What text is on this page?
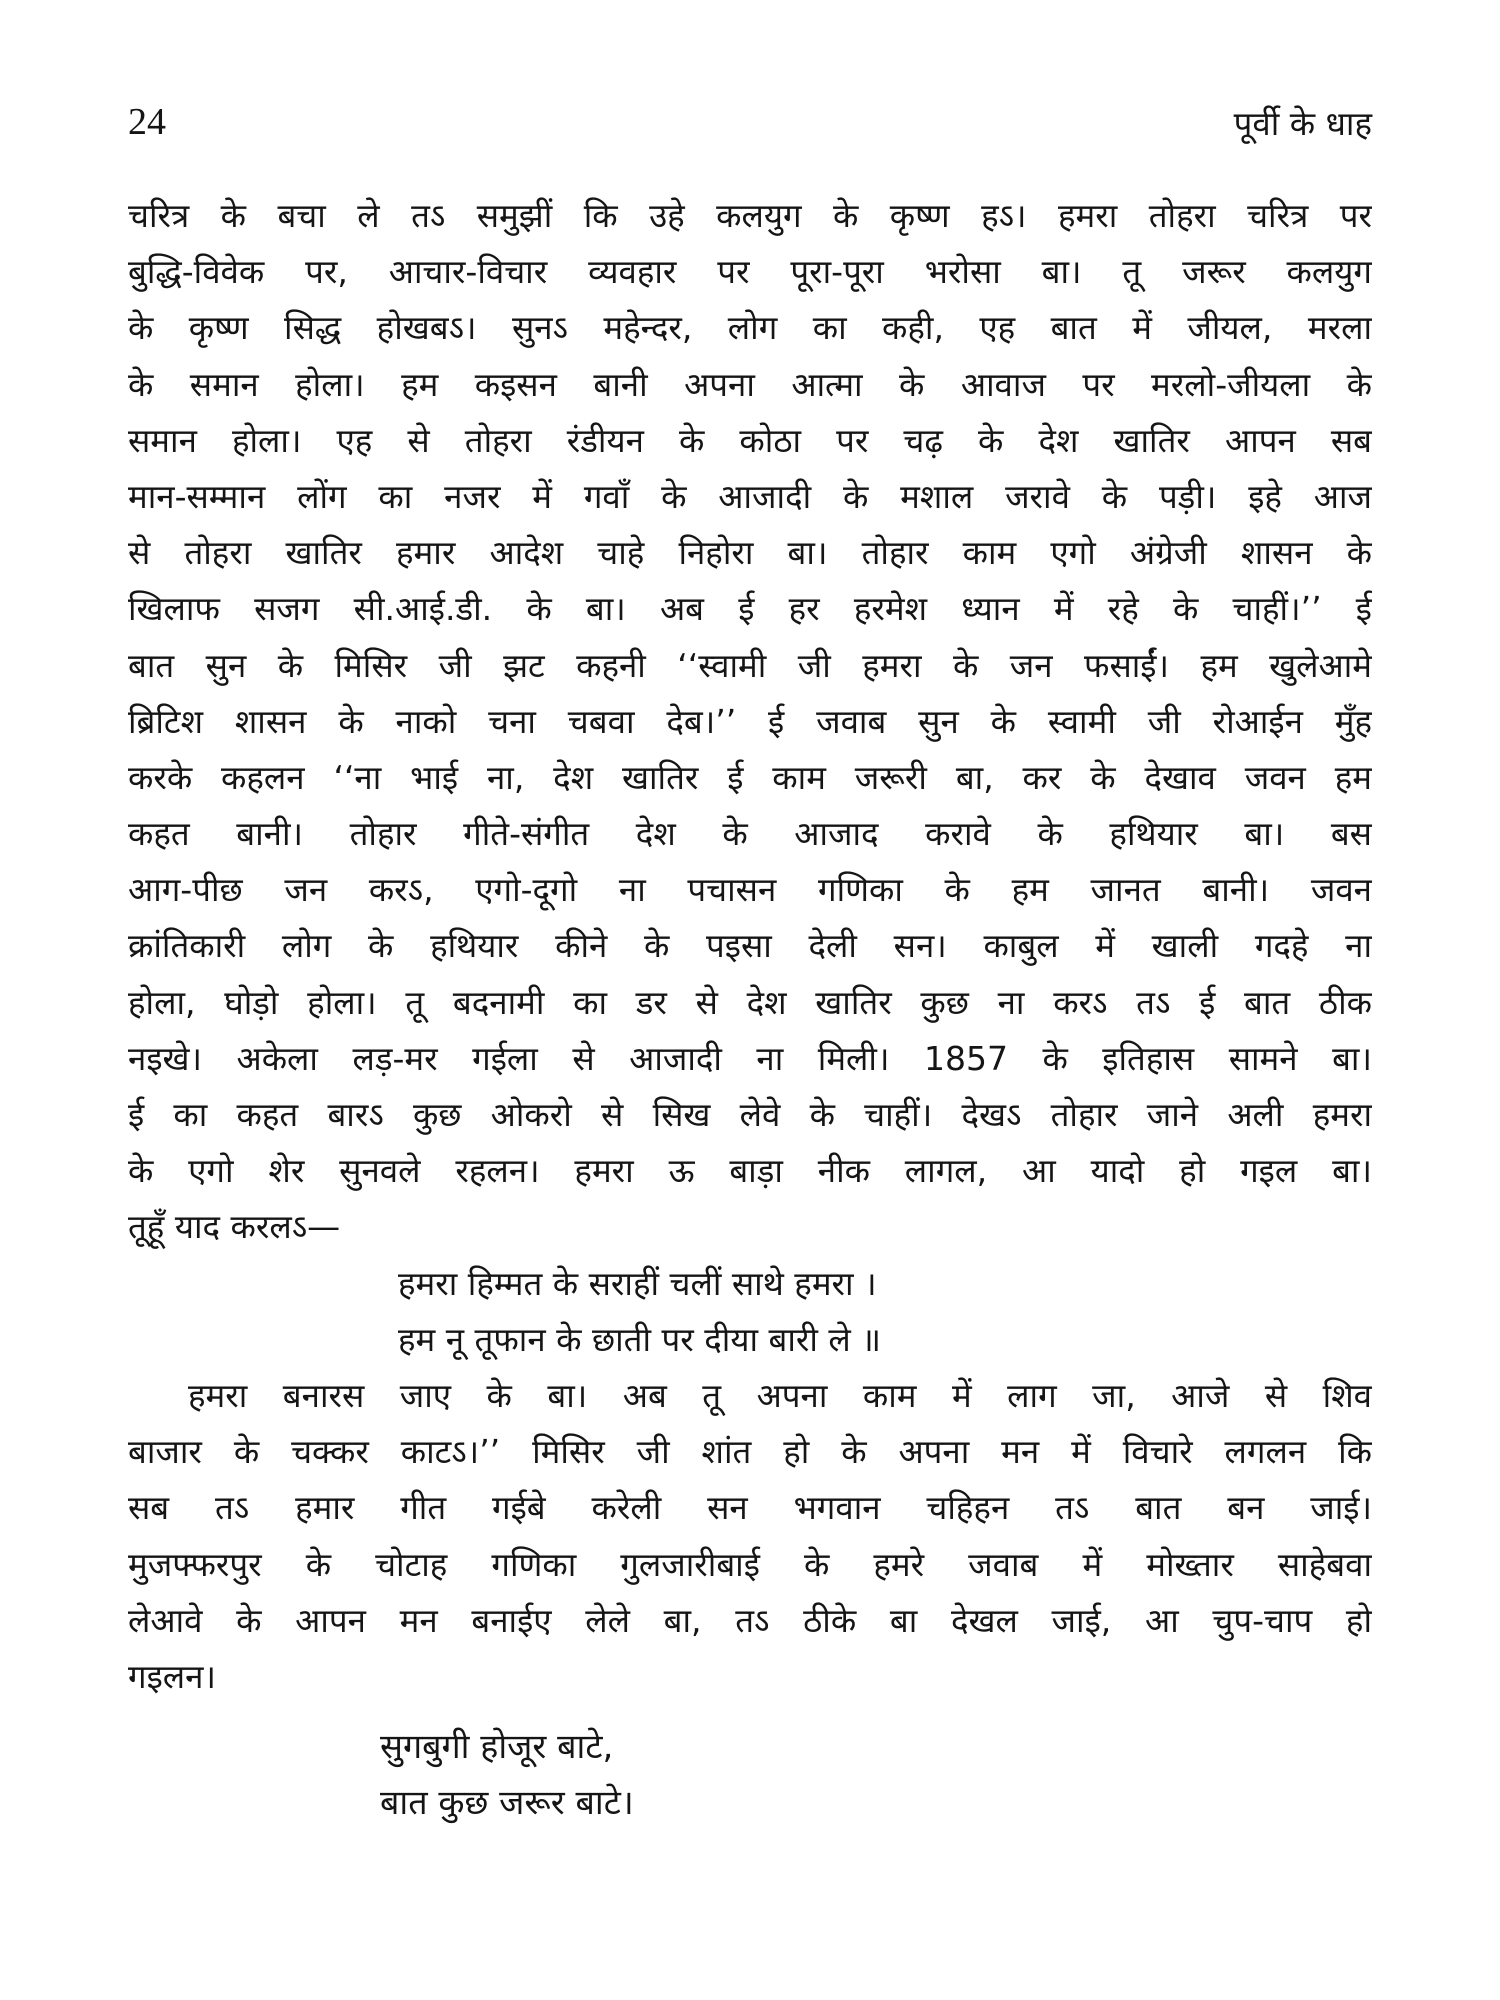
24	पूर्वी के धाह
चरित्र के बचा ले तऽ समुझीं कि उहे कलयुग के कृष्ण हऽ। हमरा तोहरा चरित्र पर
बुद्धि-विवेक पर, आचार-विचार व्यवहार पर पूरा-पूरा भरोसा बा। तू जरूर कलयुग
के कृष्ण सिद्ध होखबऽ। सुनऽ महेन्दर, लोग का कही, एह बात में जीयल, मरला
के समान होला। हम कइसन बानी अपना आत्मा के आवाज पर मरलो-जीयला के
समान होला। एह से तोहरा रंडीयन के कोठा पर चढ़ के देश खातिर आपन सब
मान-सम्मान लोंग का नजर में गवाँ के आजादी के मशाल जरावे के पड़ी। इहे आज
से तोहरा खातिर हमार आदेश चाहे निहोरा बा। तोहार काम एगो अंग्रेजी शासन के
खिलाफ सजग सी.आई.डी. के बा। अब ई हर हरमेश ध्यान में रहे के चाहीं।’’ ई
बात सुन के मिसिर जी झट कहनी ‘‘स्वामी जी हमरा के जन फसाईं। हम खुलेआमे
ब्रिटिश शासन के नाको चना चबवा देब।’’ ई जवाब सुन के स्वामी जी रोआईन मुँह
करके कहलन ‘‘ना भाई ना, देश खातिर ई काम जरूरी बा, कर के देखाव जवन हम
कहत बानी। तोहार गीते-संगीत देश के आजाद करावे के हथियार बा। बस
आग-पीछ जन करऽ, एगो-दूगो ना पचासन गणिका के हम जानत बानी। जवन
क्रांतिकारी लोग के हथियार कीने के पइसा देली सन। काबुल में खाली गदहे ना
होला, घोड़ो होला। तू बदनामी का डर से देश खातिर कुछ ना करऽ तऽ ई बात ठीक
नइखे। अकेला लड़-मर गईला से आजादी ना मिली। 1857 के इतिहास सामने बा।
ई का कहत बारऽ कुछ ओकरो से सिख लेवे के चाहीं। देखऽ तोहार जाने अली हमरा
के एगो शेर सुनवले रहलन। हमरा ऊ बाड़ा नीक लागल, आ यादो हो गइल बा।
तूहूँ याद करलऽ—
हमरा हिम्मत के सराहीं चलीं साथे हमरा ।
हम नू तूफान के छाती पर दीया बारी ले ॥
हमरा बनारस जाए के बा। अब तू अपना काम में लाग जा, आजे से शिव
बाजार के चक्कर काटऽ।’’ मिसिर जी शांत हो के अपना मन में विचारे लगलन कि
सब तऽ हमार गीत गईबे करेली सन भगवान चहिहन तऽ बात बन जाई।
मुजफ्फरपुर के चोटाह गणिका गुलजारीबाई के हमरे जवाब में मोख्तार साहेबवा
लेआवे के आपन मन बनाईए लेले बा, तऽ ठीके बा देखल जाई, आ चुप-चाप हो
गइलन।
सुगबुगी होजूर बाटे,
बात कुछ जरूर बाटे।
